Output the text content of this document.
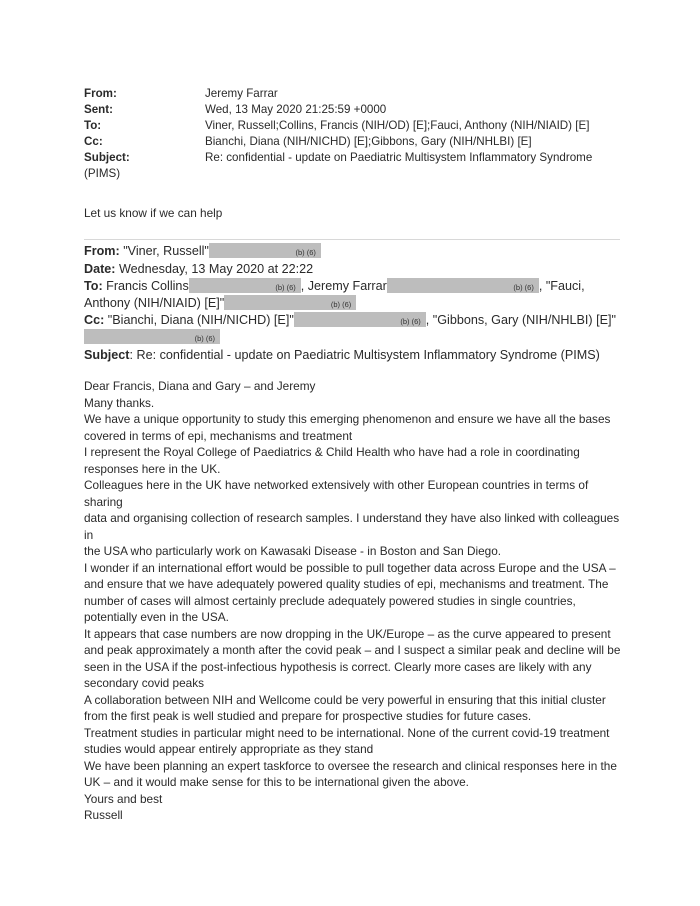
From:	Jeremy Farrar
Sent:	Wed, 13 May 2020 21:25:59 +0000
To:	Viner, Russell;Collins, Francis (NIH/OD) [E];Fauci, Anthony (NIH/NIAID) [E]
Cc:	Bianchi, Diana (NIH/NICHD) [E];Gibbons, Gary (NIH/NHLBI) [E]
Subject:	Re: confidential - update on Paediatric Multisystem Inflammatory Syndrome
(PIMS)
Let us know if we can help
From: "Viner, Russell"	(b) (6)
Date: Wednesday, 13 May 2020 at 22:22
To: Francis Collins	(b) (6) , Jeremy Farrar	(b) (6) , "Fauci,
Anthony (NIH/NIAID) [E]"	(b) (6)
Cc: "Bianchi, Diana (NIH/NICHD) [E]"	(b) (6) , "Gibbons, Gary (NIH/NHLBI) [E]"
(b) (6)
Subject: Re: confidential - update on Paediatric Multisystem Inflammatory Syndrome (PIMS)

Dear Francis, Diana and Gary – and Jeremy

Many thanks.

We have a unique opportunity to study this emerging phenomenon and ensure we have all the bases

covered in terms of epi, mechanisms and treatment

I represent the Royal College of Paediatrics & Child Health who have had a role in coordinating

responses here in the UK.

Colleagues here in the UK have networked extensively with other European countries in terms of sharing

data and organising collection of research samples. I understand they have also linked with colleagues in

the USA who particularly work on Kawasaki Disease - in Boston and San Diego.

I wonder if an international effort would be possible to pull together data across Europe and the USA –

and ensure that we have adequately powered quality studies of epi, mechanisms and treatment. The

number of cases will almost certainly preclude adequately powered studies in single countries,

potentially even in the USA.

It appears that case numbers are now dropping in the UK/Europe – as the curve appeared to present

and peak approximately a month after the covid peak – and I suspect a similar peak and decline will be

seen in the USA if the post-infectious hypothesis is correct. Clearly more cases are likely with any

secondary covid peaks

A collaboration between NIH and Wellcome could be very powerful in ensuring that this initial cluster

from the first peak is well studied and prepare for prospective studies for future cases.

Treatment studies in particular might need to be international. None of the current covid-19 treatment

studies would appear entirely appropriate as they stand

We have been planning an expert taskforce to oversee the research and clinical responses here in the

UK – and it would make sense for this to be international given the above.

Yours and best

Russell
